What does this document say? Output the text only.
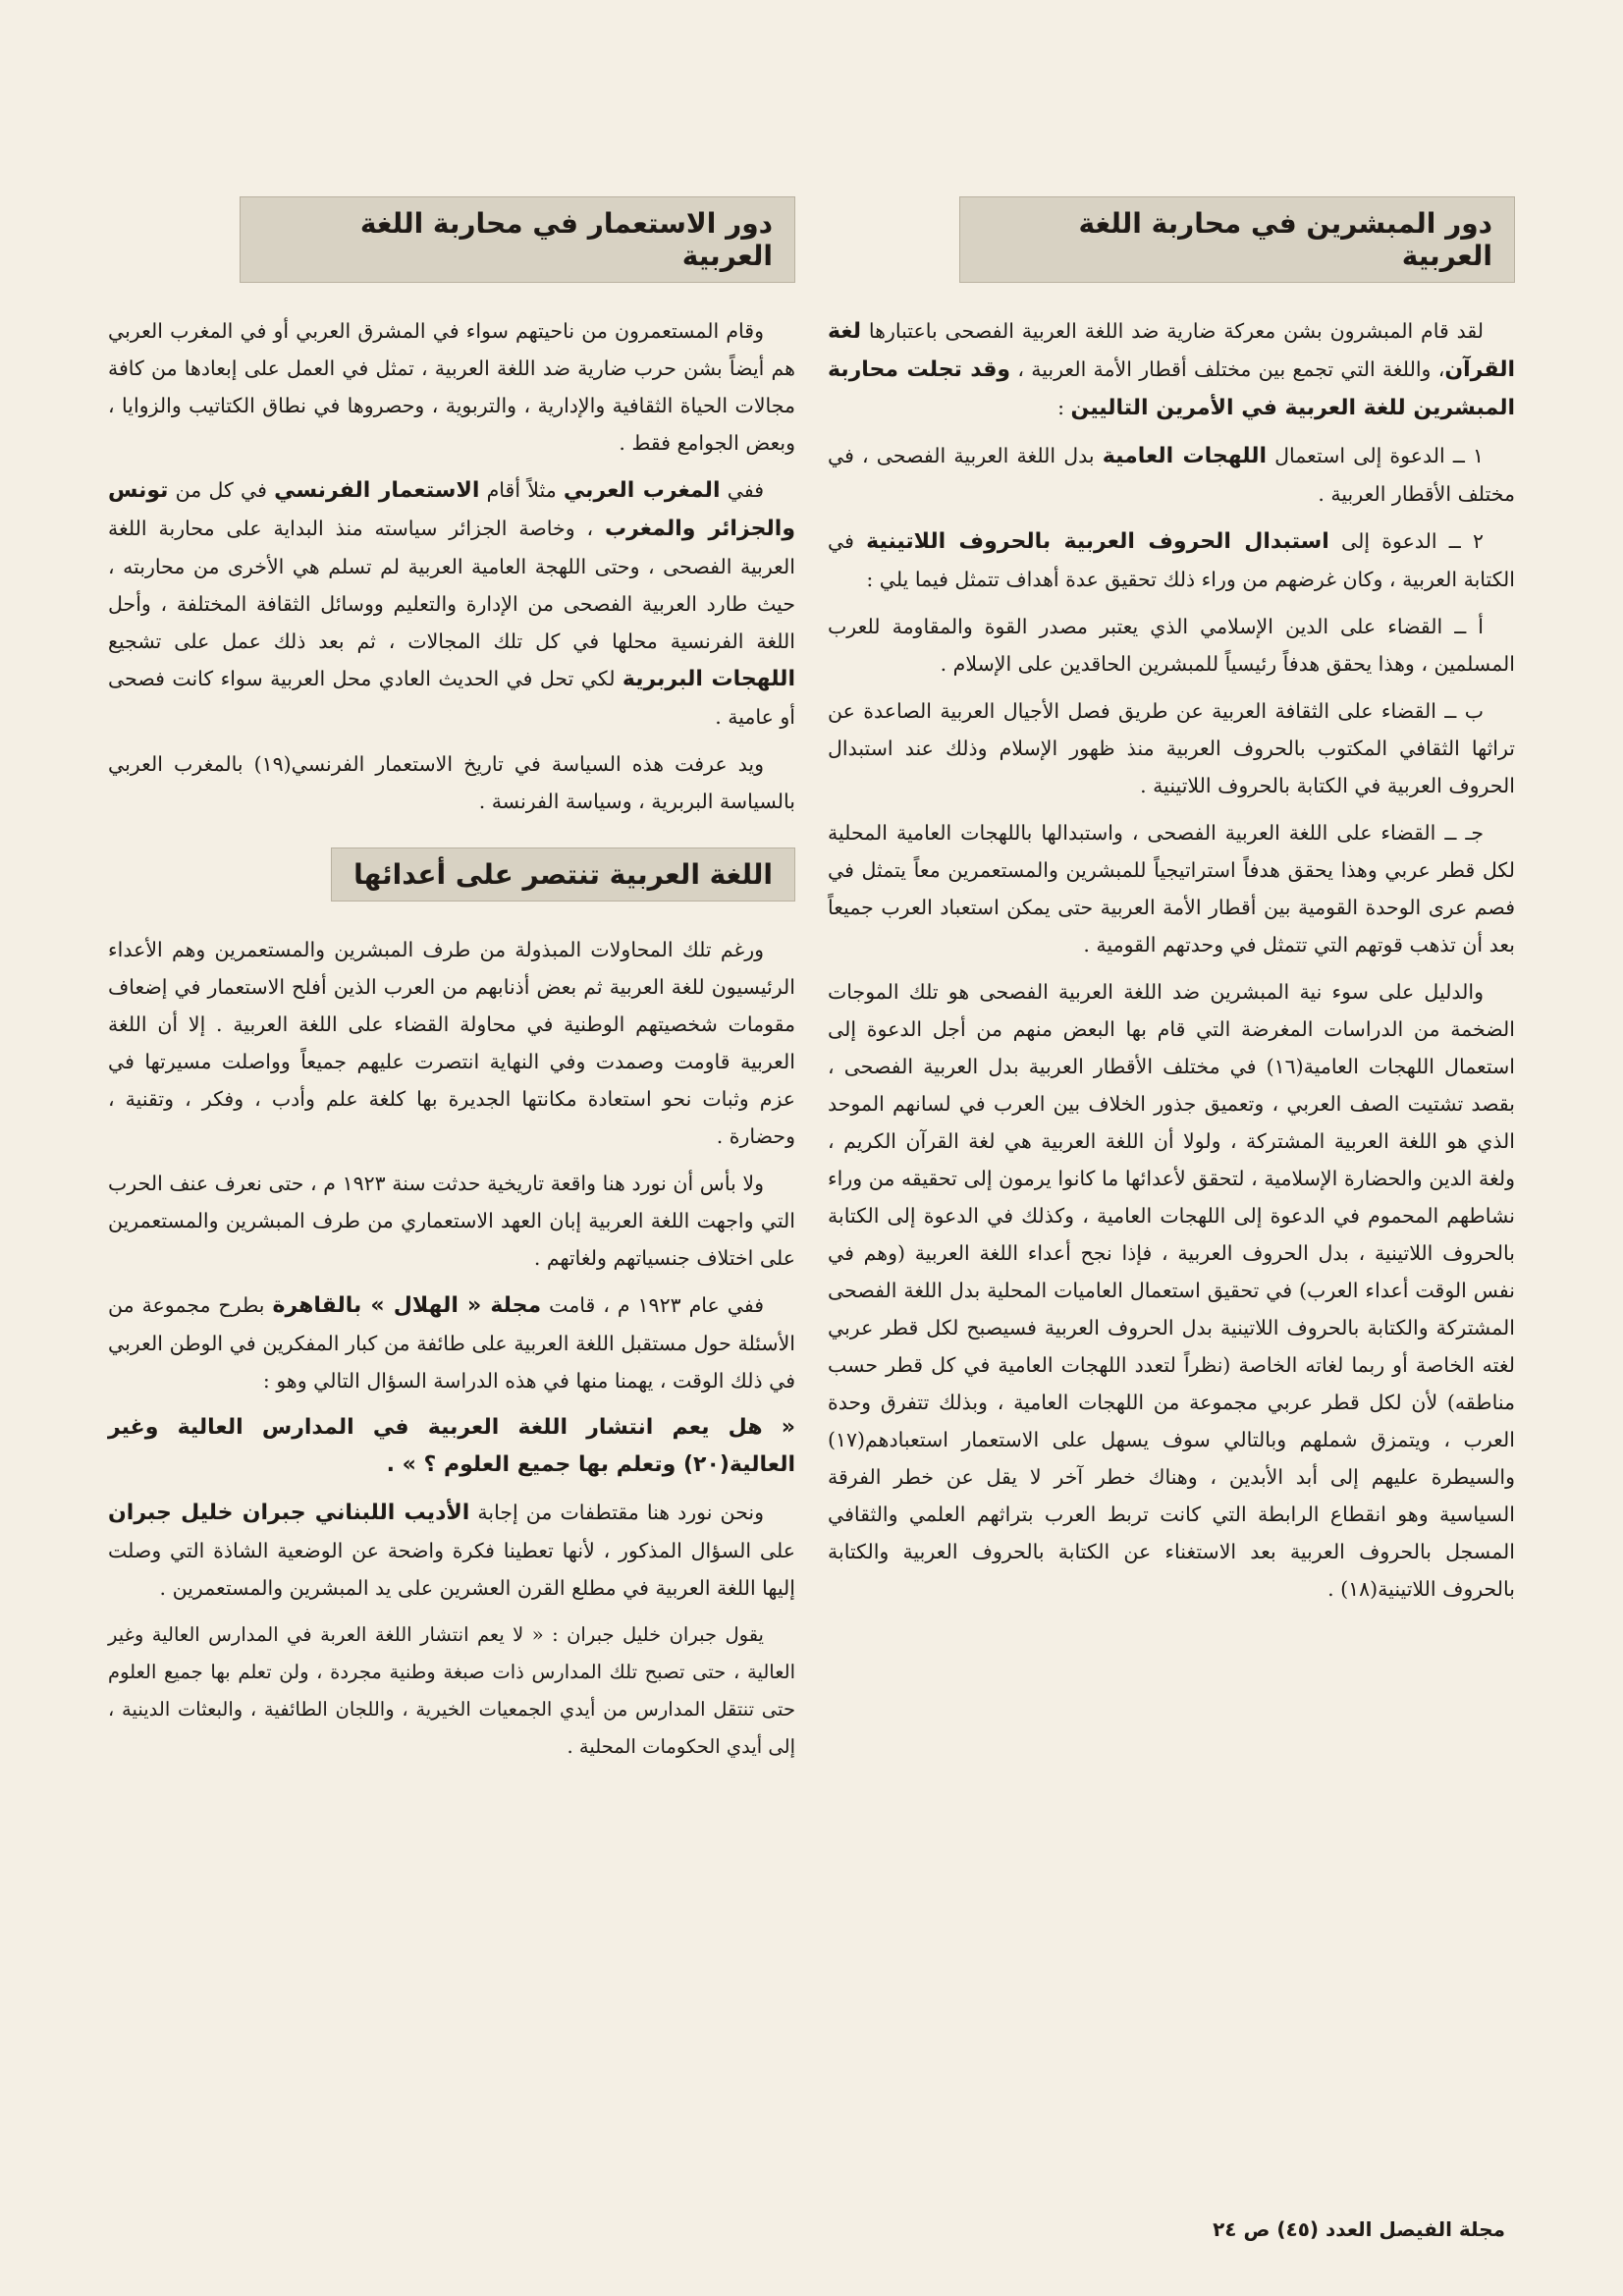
دور المبشرين في محاربة اللغة العربية

لقد قام المبشرون بشن معركة ضارية ضد اللغة العربية الفصحى باعتبارها لغة القرآن، واللغة التي تجمع بين مختلف أقطار الأمة العربية ، وقد تجلت محاربة المبشرين للغة العربية في الأمرين التاليين :

١ ــ الدعوة إلى استعمال اللهجات العامية بدل اللغة العربية الفصحى ، في مختلف الأقطار العربية .

٢ ــ الدعوة إلى استبدال الحروف العربية بالحروف اللاتينية في الكتابة العربية ، وكان غرضهم من وراء ذلك تحقيق عدة أهداف تتمثل فيما يلي :

أ ــ القضاء على الدين الإسلامي الذي يعتبر مصدر القوة والمقاومة للعرب المسلمين ، وهذا يحقق هدفاً رئيسياً للمبشرين الحاقدين على الإسلام .

ب ــ القضاء على الثقافة العربية عن طريق فصل الأجيال العربية الصاعدة عن تراثها الثقافي المكتوب بالحروف العربية منذ ظهور الإسلام وذلك عند استبدال الحروف العربية في الكتابة بالحروف اللاتينية .

جـ ــ القضاء على اللغة العربية الفصحى ، واستبدالها باللهجات العامية المحلية لكل قطر عربي وهذا يحقق هدفاً استراتيجياً للمبشرين والمستعمرين معاً يتمثل في فصم عرى الوحدة القومية بين أقطار الأمة العربية حتى يمكن استعباد العرب جميعاً بعد أن تذهب قوتهم التي تتمثل في وحدتهم القومية .

والدليل على سوء نية المبشرين ضد اللغة العربية الفصحى هو تلك الموجات الضخمة من الدراسات المغرضة التي قام بها البعض منهم من أجل الدعوة إلى استعمال اللهجات العامية(١٦) في مختلف الأقطار العربية بدل العربية الفصحى ، بقصد تشتيت الصف العربي ، وتعميق جذور الخلاف بين العرب في لسانهم الموحد الذي هو اللغة العربية المشتركة ، ولولا أن اللغة العربية هي لغة القرآن الكريم ، ولغة الدين والحضارة الإسلامية ، لتحقق لأعدائها ما كانوا يرمون إلى تحقيقه من وراء نشاطهم المحموم في الدعوة إلى اللهجات العامية ، وكذلك في الدعوة إلى الكتابة بالحروف اللاتينية ، بدل الحروف العربية ، فإذا نجح أعداء اللغة العربية (وهم في نفس الوقت أعداء العرب) في تحقيق استعمال العاميات المحلية بدل اللغة الفصحى المشتركة والكتابة بالحروف اللاتينية بدل الحروف العربية فسيصبح لكل قطر عربي لغته الخاصة أو ربما لغاته الخاصة (نظراً لتعدد اللهجات العامية في كل قطر حسب مناطقه) لأن لكل قطر عربي مجموعة من اللهجات العامية ، وبذلك تتفرق وحدة العرب ، ويتمزق شملهم وبالتالي سوف يسهل على الاستعمار استعبادهم(١٧) والسيطرة عليهم إلى أبد الأبدين ، وهناك خطر آخر لا يقل عن خطر الفرقة السياسية وهو انقطاع الرابطة التي كانت تربط العرب بتراثهم العلمي والثقافي المسجل بالحروف العربية بعد الاستغناء عن الكتابة بالحروف العربية والكتابة بالحروف اللاتينية(١٨) .

دور الاستعمار في محاربة اللغة العربية

وقام المستعمرون من ناحيتهم سواء في المشرق العربي أو في المغرب العربي هم أيضاً بشن حرب ضارية ضد اللغة العربية ، تمثل في العمل على إبعادها من كافة مجالات الحياة الثقافية والإدارية ، والتربوية ، وحصروها في نطاق الكتاتيب والزوايا ، وبعض الجوامع فقط .

ففي المغرب العربي مثلاً أقام الاستعمار الفرنسي في كل من تونس والجزائر والمغرب ، وخاصة الجزائر سياسته منذ البداية على محاربة اللغة العربية الفصحى ، وحتى اللهجة العامية العربية لم تسلم هي الأخرى من محاربته ، حيث طارد العربية الفصحى من الإدارة والتعليم ووسائل الثقافة المختلفة ، وأحل اللغة الفرنسية محلها في كل تلك المجالات ، ثم بعد ذلك عمل على تشجيع اللهجات البربرية لكي تحل في الحديث العادي محل العربية سواء كانت فصحى أو عامية .

ويد عرفت هذه السياسة في تاريخ الاستعمار الفرنسي(١٩) بالمغرب العربي بالسياسة البربرية ، وسياسة الفرنسة .

اللغة العربية تنتصر على أعدائها

ورغم تلك المحاولات المبذولة من طرف المبشرين والمستعمرين وهم الأعداء الرئيسيون للغة العربية ثم بعض أذنابهم من العرب الذين أفلح الاستعمار في إضعاف مقومات شخصيتهم الوطنية في محاولة القضاء على اللغة العربية . إلا أن اللغة العربية قاومت وصمدت وفي النهاية انتصرت عليهم جميعاً وواصلت مسيرتها في عزم وثبات نحو استعادة مكانتها الجديرة بها كلغة علم وأدب ، وفكر ، وتقنية ، وحضارة .

ولا بأس أن نورد هنا واقعة تاريخية حدثت سنة ١٩٢٣ م ، حتى نعرف عنف الحرب التي واجهت اللغة العربية إبان العهد الاستعماري من طرف المبشرين والمستعمرين على اختلاف جنسياتهم ولغاتهم .

ففي عام ١٩٢٣ م ، قامت مجلة « الهلال » بالقاهرة بطرح مجموعة من الأسئلة حول مستقبل اللغة العربية على طائفة من كبار المفكرين في الوطن العربي في ذلك الوقت ، يهمنا منها في هذه الدراسة السؤال التالي وهو :

« هل يعم انتشار اللغة العربية في المدارس العالية وغير العالية(٢٠) وتعلم بها جميع العلوم ؟ » .

ونحن نورد هنا مقتطفات من إجابة الأديب اللبناني جبران خليل جبران على السؤال المذكور ، لأنها تعطينا فكرة واضحة عن الوضعية الشاذة التي وصلت إليها اللغة العربية في مطلع القرن العشرين على يد المبشرين والمستعمرين .

يقول جبران خليل جبران : « لا يعم انتشار اللغة العربة في المدارس العالية وغير العالية ، حتى تصبح تلك المدارس ذات صبغة وطنية مجردة ، ولن تعلم بها جميع العلوم حتى تنتقل المدارس من أيدي الجمعيات الخيرية ، واللجان الطائفية ، والبعثات الدينية ، إلى أيدي الحكومات المحلية .

مجلة الفيصل العدد (٤٥) ص ٢٤
